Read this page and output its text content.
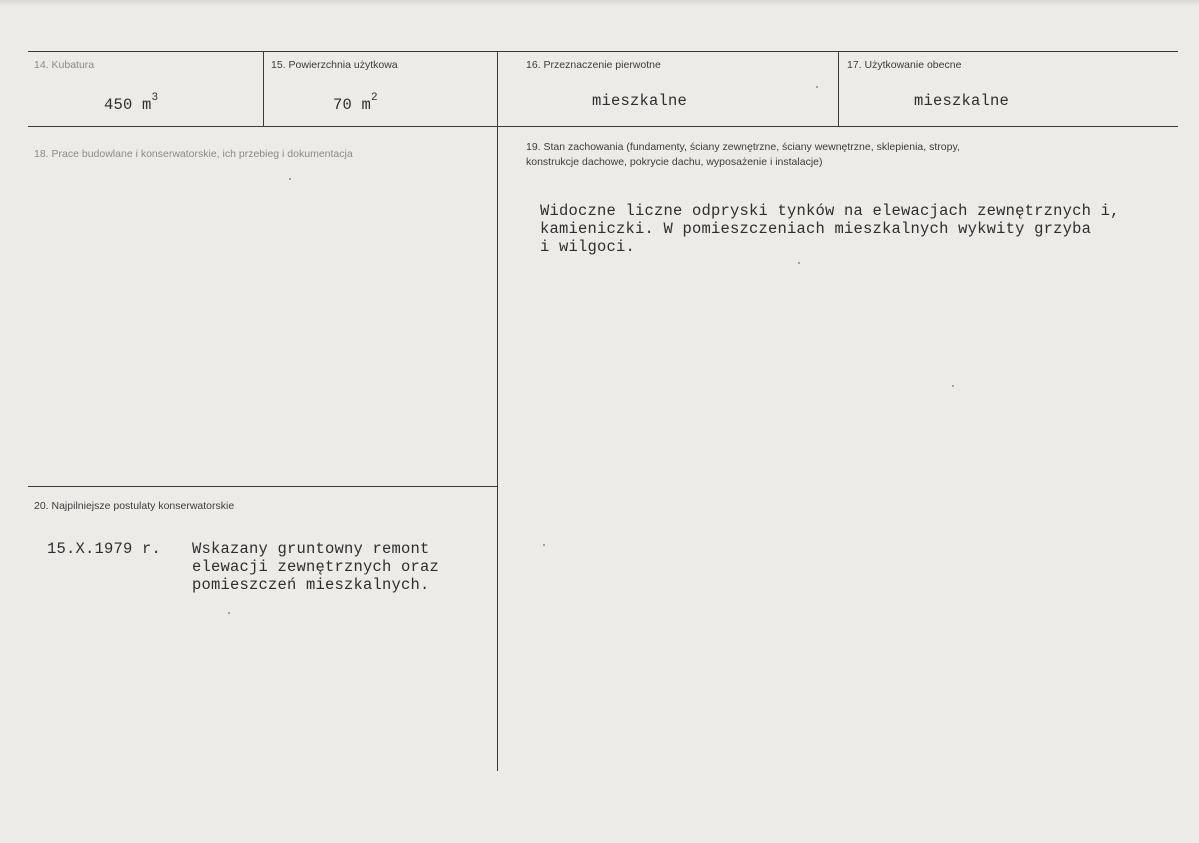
14. Kubatura
450 $m^3$
15. Powierzchnia użytkowa
70 $m^2$
16. Przeznaczenie pierwotne
mieszkalne
17. Użytkowanie obecne
mieszkalne
18. Prace budowlane i konserwatorskie, ich przebieg i dokumentacja
19. Stan zachowania (fundamenty, ściany zewnętrzne, ściany wewnętrzne, sklepienia, stropy,
konstrukcje dachowe, pokrycie dachu, wyposażenie i instalacje)
Widoczne liczne odpryski tynków na elewacjach zewnętrznych i,
kamieniczki. W pomieszczeniach mieszkalnych wykwity grzyba
i wilgoci.
20. Najpilniejsze postulaty konserwatorskie
15.X.1979 r. Wskazany gruntowny remont
elewacji zewnętrznych oraz
pomieszczeń mieszkalnych.
